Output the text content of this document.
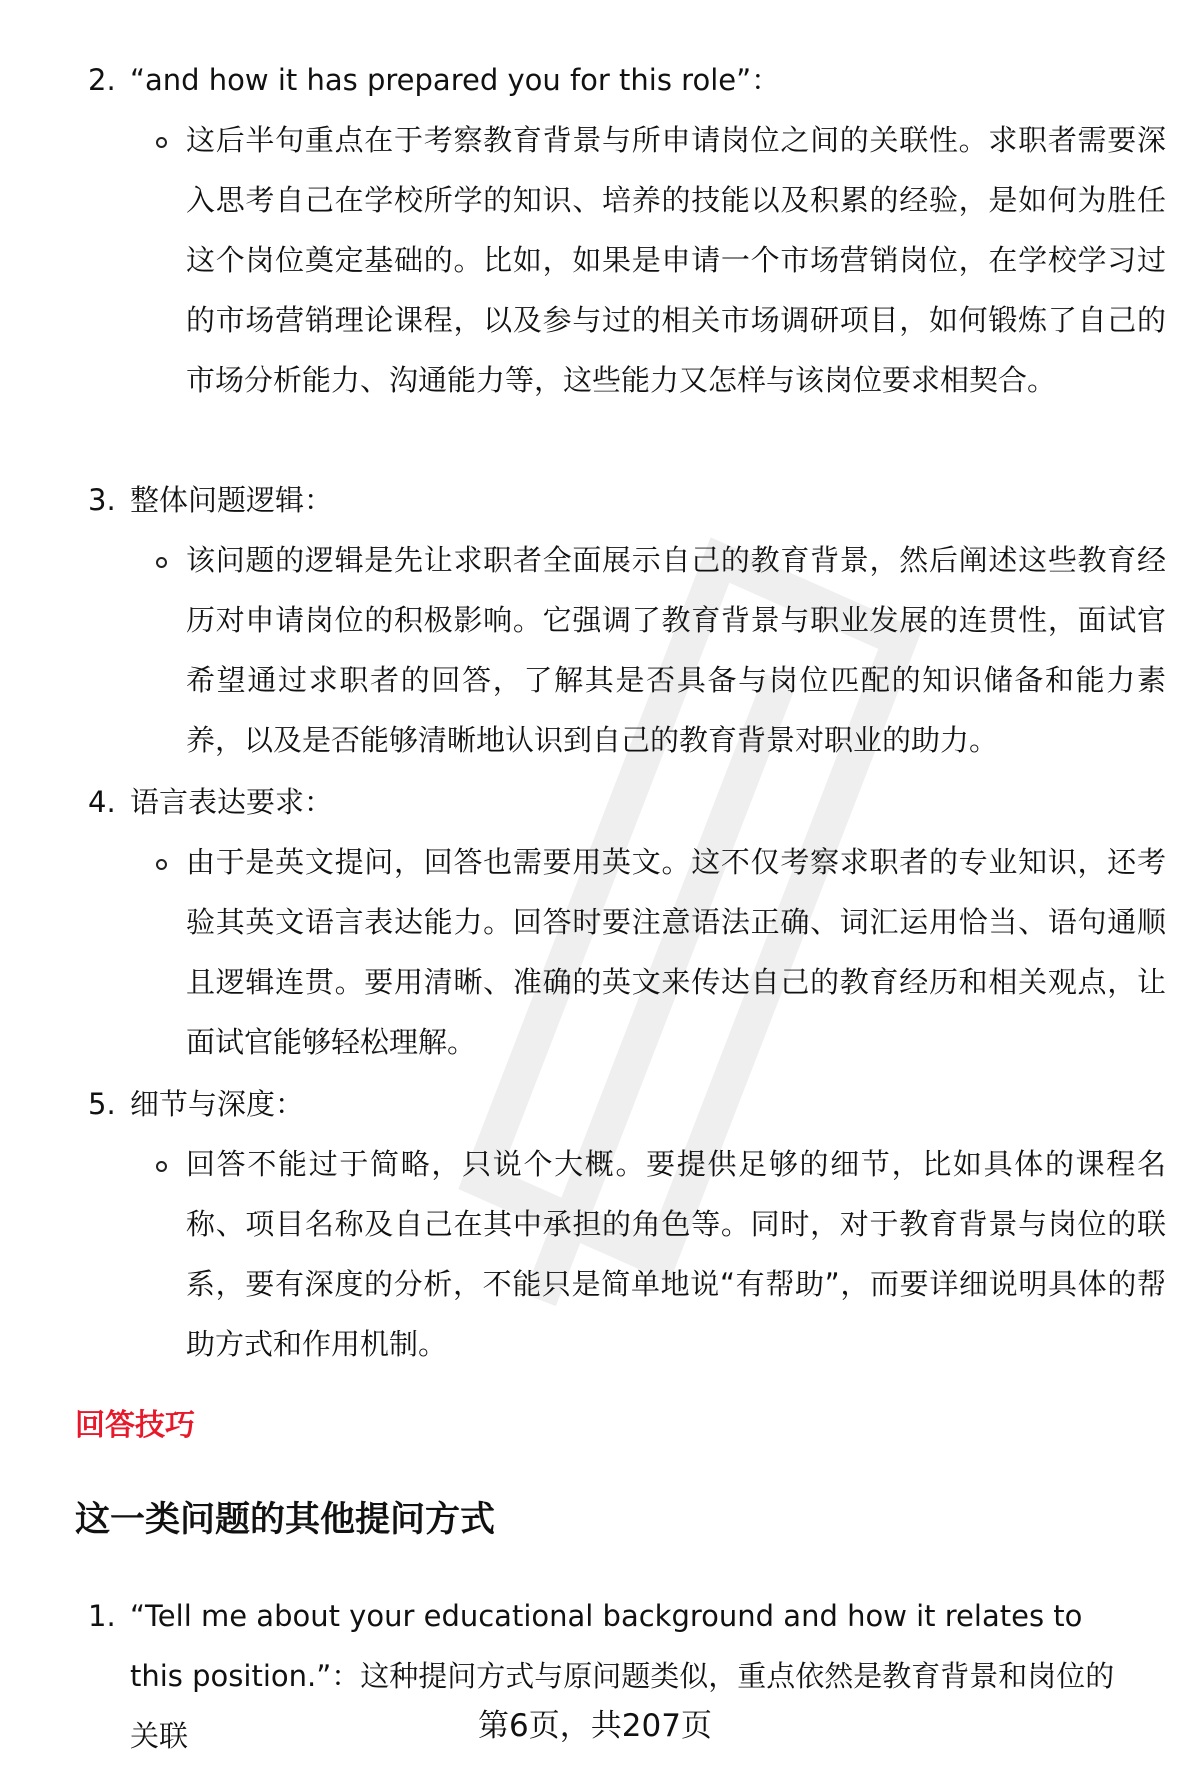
2. “and how it has prepared you for this role”：
这后半句重点在于考察教育背景与所申请岗位之间的关联性。求职者需要深入思考自己在学校所学的知识、培养的技能以及积累的经验，是如何为胜任这个岗位奠定基础的。比如，如果是申请一个市场营销岗位，在学校学习过的市场营销理论课程，以及参与过的相关市场调研项目，如何锻炼了自己的市场分析能力、沟通能力等，这些能力又怎样与该岗位要求相契合。
3. 整体问题逻辑：
该问题的逻辑是先让求职者全面展示自己的教育背景，然后阐述这些教育经历对申请岗位的积极影响。它强调了教育背景与职业发展的连贯性，面试官希望通过求职者的回答，了解其是否具备与岗位匹配的知识储备和能力素养，以及是否能够清晰地认识到自己的教育背景对职业的助力。
4. 语言表达要求：
由于是英文提问，回答也需要用英文。这不仅考察求职者的专业知识，还考验其英文语言表达能力。回答时要注意语法正确、词汇运用恰当、语句通顺且逻辑连贯。要用清晰、准确的英文来传达自己的教育经历和相关观点，让面试官能够轻松理解。
5. 细节与深度：
回答不能过于简略，只说个大概。要提供足够的细节，比如具体的课程名称、项目名称及自己在其中承担的角色等。同时，对于教育背景与岗位的联系，要有深度的分析，不能只是简单地说“有帮助”，而要详细说明具体的帮助方式和作用机制。
回答技巧
这一类问题的其他提问方式
1. “Tell me about your educational background and how it relates to this position.”：这种提问方式与原问题类似，重点依然是教育背景和岗位的关联	第6页，共207页
